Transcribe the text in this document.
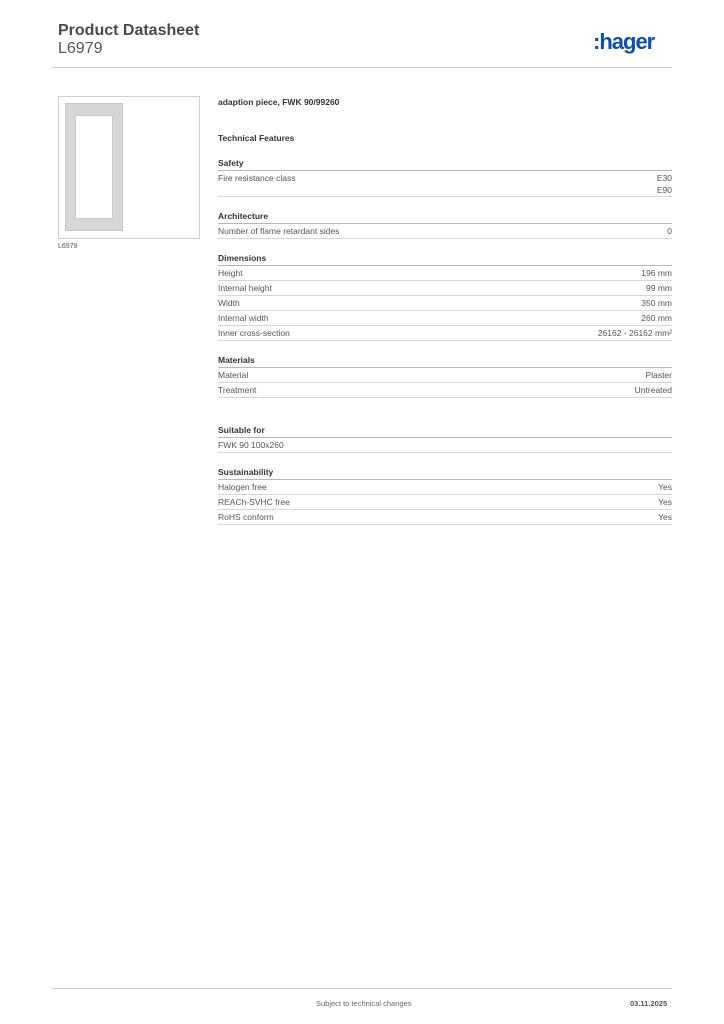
Product Datasheet
L6979	:hager
L6979
adaption piece, FWK 90/99260
Technical Features
Safety
Fire resistance class	E30
E90
Architecture
Number of flame retardant sides	0
Dimensions
Height	196 mm
Internal height	99 mm
Width	350 mm
Internal width	260 mm
Inner cross-section	26162 - 26162 mm²
Materials
Material	Plaster
Treatment	Untreated
Suitable for
FWK 90 100x260
Sustainability
Halogen free	Yes
REACh-SVHC free	Yes
RoHS conform	Yes
Subject to technical changes	03.11.2025
